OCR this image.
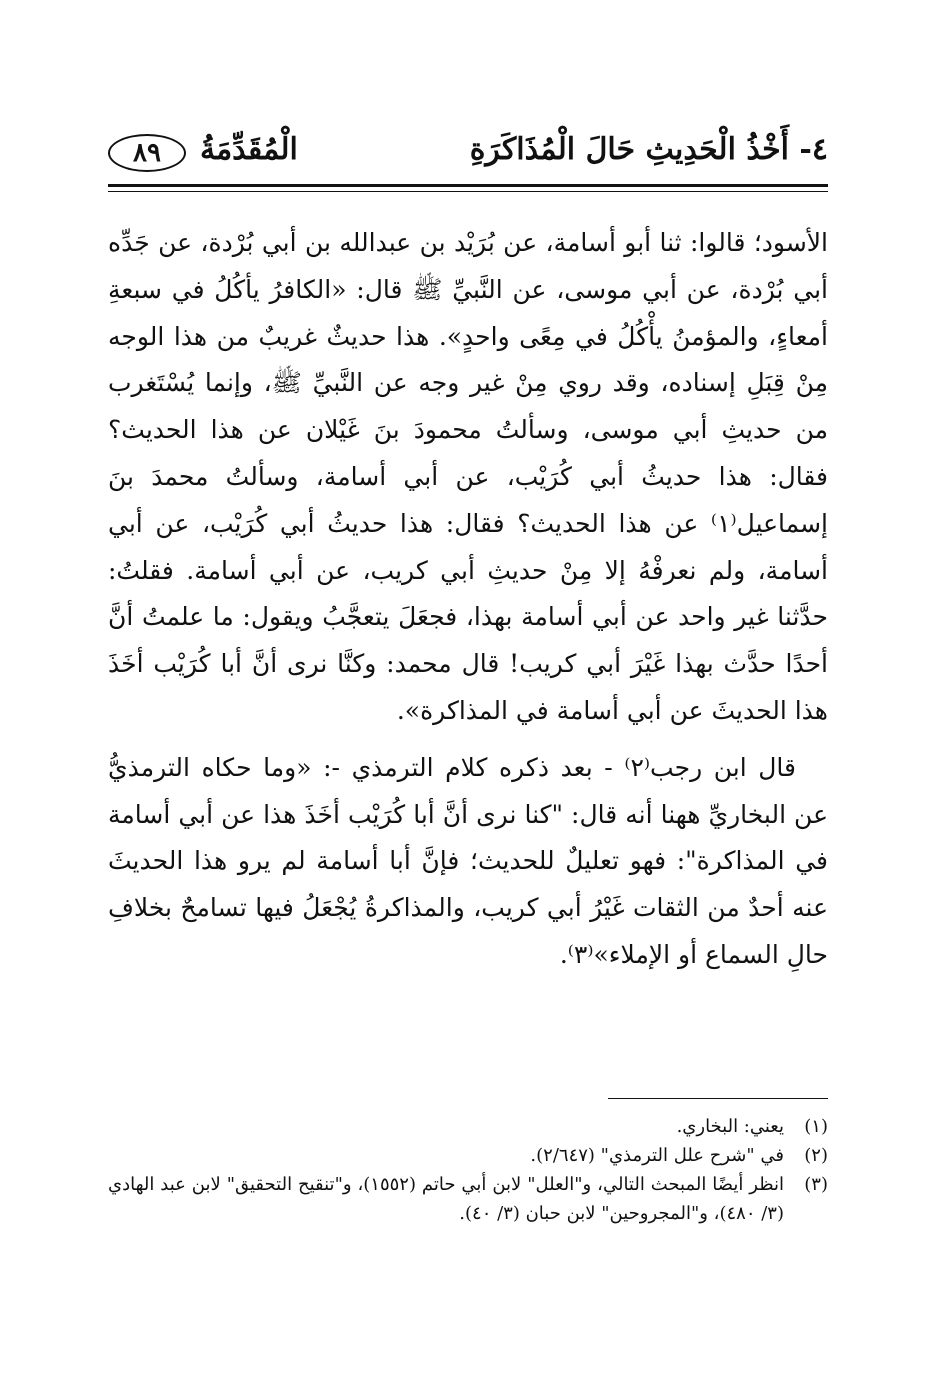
٤- أَخْذُ الْحَدِيثِ حَالَ الْمُذَاكَرَةِ
الْمُقَدِّمَةُ
٨٩

الأسود؛ قالوا: ثنا أبو أسامة، عن بُرَيْد بن عبدالله بن أبي بُرْدة، عن جَدِّه أبي بُرْدة، عن أبي موسى، عن النَّبيِّ ﷺ قال: «الكافرُ يأكُلُ في سبعةِ أمعاءٍ، والمؤمنُ يأْكُلُ في مِعًى واحدٍ». هذا حديثٌ غريبٌ من هذا الوجه مِنْ قِبَلِ إسناده، وقد روي مِنْ غير وجه عن النَّبيِّ ﷺ، وإنما يُسْتَغرب من حديثِ أبي موسى، وسألتُ محمودَ بنَ غَيْلان عن هذا الحديث؟ فقال: هذا حديثُ أبي كُرَيْب، عن أبي أسامة، وسألتُ محمدَ بنَ إسماعيل⁽١⁾ عن هذا الحديث؟ فقال: هذا حديثُ أبي كُرَيْب، عن أبي أسامة، ولم نعرفْهُ إلا مِنْ حديثِ أبي كريب، عن أبي أسامة. فقلتُ: حدَّثنا غير واحد عن أبي أسامة بهذا، فجعَلَ يتعجَّبُ ويقول: ما علمتُ أنَّ أحدًا حدَّث بهذا غَيْرَ أبي كريب! قال محمد: وكنَّا نرى أنَّ أبا كُرَيْب أخَذَ هذا الحديثَ عن أبي أسامة في المذاكرة».

قال ابن رجب⁽٢⁾ - بعد ذكره كلام الترمذي -: «وما حكاه الترمذيُّ عن البخاريِّ ههنا أنه قال: "كنا نرى أنَّ أبا كُرَيْب أخَذَ هذا عن أبي أسامة في المذاكرة": فهو تعليلٌ للحديث؛ فإنَّ أبا أسامة لم يرو هذا الحديثَ عنه أحدٌ من الثقات غَيْرُ أبي كريب، والمذاكرةُ يُجْعَلُ فيها تسامحٌ بخلافِ حالِ السماع أو الإملاء»⁽٣⁾.

(١)
يعني: البخاري.
(٢)
في "شرح علل الترمذي" (٢/٦٤٧).
(٣)
انظر أيضًا المبحث التالي، و"العلل" لابن أبي حاتم (١٥٥٢)، و"تنقيح التحقيق" لابن عبد الهادي (٣/ ٤٨٠)، و"المجروحين" لابن حبان (٣/ ٤٠).
